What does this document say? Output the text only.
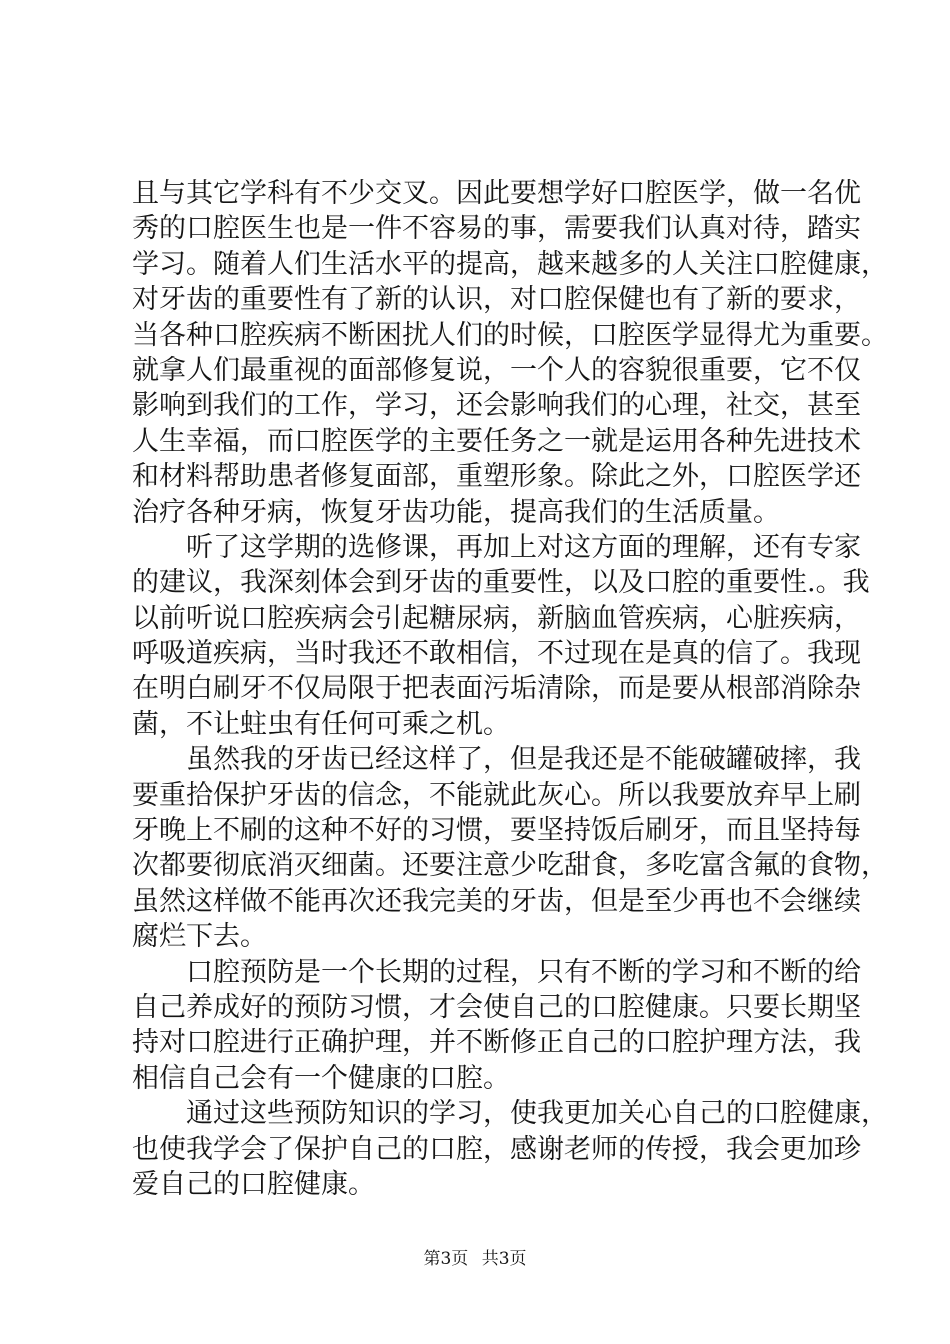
且与其它学科有不少交叉。因此要想学好口腔医学，做一名优
秀的口腔医生也是一件不容易的事，需要我们认真对待，踏实
学习。随着人们生活水平的提高，越来越多的人关注口腔健康，
对牙齿的重要性有了新的认识，对口腔保健也有了新的要求，
当各种口腔疾病不断困扰人们的时候，口腔医学显得尤为重要。
就拿人们最重视的面部修复说，一个人的容貌很重要，它不仅
影响到我们的工作，学习，还会影响我们的心理，社交，甚至
人生幸福，而口腔医学的主要任务之一就是运用各种先进技术
和材料帮助患者修复面部，重塑形象。除此之外，口腔医学还
治疗各种牙病，恢复牙齿功能，提高我们的生活质量。
听了这学期的选修课，再加上对这方面的理解，还有专家
的建议，我深刻体会到牙齿的重要性，以及口腔的重要性.。我
以前听说口腔疾病会引起糖尿病，新脑血管疾病，心脏疾病，
呼吸道疾病，当时我还不敢相信，不过现在是真的信了。我现
在明白刷牙不仅局限于把表面污垢清除，而是要从根部消除杂
菌，不让蛀虫有任何可乘之机。
虽然我的牙齿已经这样了，但是我还是不能破罐破摔，我
要重拾保护牙齿的信念，不能就此灰心。所以我要放弃早上刷
牙晚上不刷的这种不好的习惯，要坚持饭后刷牙，而且坚持每
次都要彻底消灭细菌。还要注意少吃甜食，多吃富含氟的食物，
虽然这样做不能再次还我完美的牙齿，但是至少再也不会继续
腐烂下去。
口腔预防是一个长期的过程，只有不断的学习和不断的给
自己养成好的预防习惯，才会使自己的口腔健康。只要长期坚
持对口腔进行正确护理，并不断修正自己的口腔护理方法，我
相信自己会有一个健康的口腔。
通过这些预防知识的学习，使我更加关心自己的口腔健康，
也使我学会了保护自己的口腔，感谢老师的传授，我会更加珍
爱自己的口腔健康。
第3页 共3页
